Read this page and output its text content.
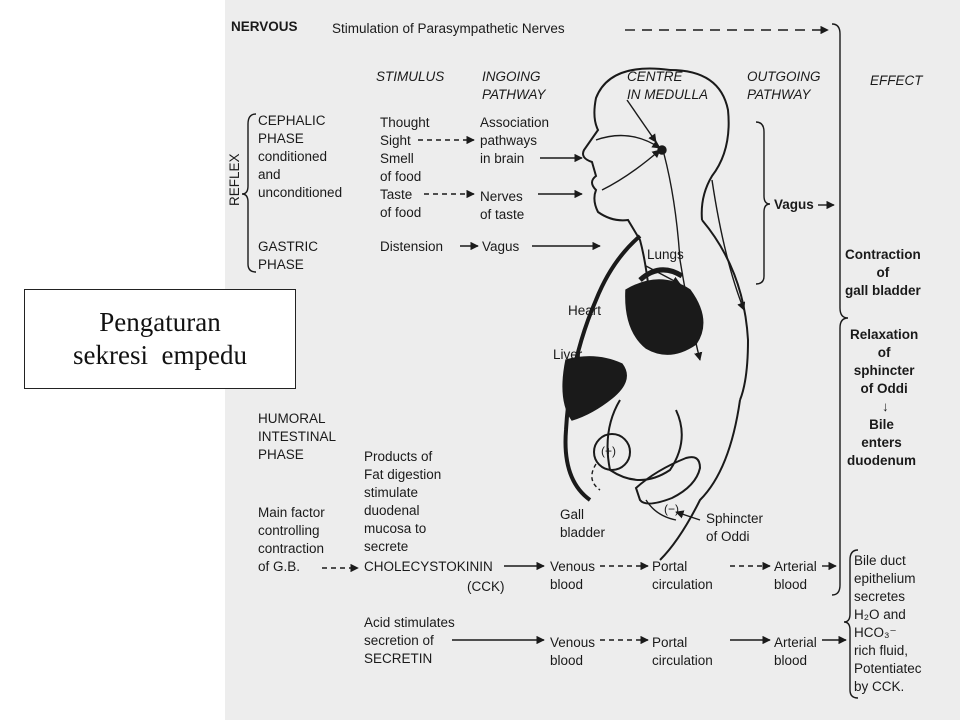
NERVOUS	Stimulation of Parasympathetic Nerves
REFLEX
STIMULUS	INGOING
PATHWAY
CENTRE
IN MEDULLA
OUTGOING
PATHWAY
EFFECT
CEPHALIC
PHASE
conditioned
and
unconditioned
Thought
Sight
Smell
of food
Taste
of food
Association
pathways
in brain
Nerves
of taste
GASTRIC
PHASE
Distension	Vagus
Vagus
Lungs
Heart
Liver
Gall
bladder
Sphincter
of Oddi
(+)
(−)
Contraction
of
gall bladder
Relaxation
of
sphincter
of Oddi
↓
Bile
enters
duodenum
Bile duct
epithelium
secretes
H₂O and
HCO₃⁻
rich fluid,
Potentiatec
by CCK.
HUMORAL
INTESTINAL
PHASE	Products of
Fat digestion
stimulate
duodenal
mucosa to
secrete
Main factor
controlling
contraction
of G.B.	CHOLECYSTOKININ
(CCK)
Venous
blood
Portal
circulation
Arterial
blood
Acid stimulates
secretion of
SECRETIN
Venous
blood
Portal
circulation
Arterial
blood
Pengaturan
sekresi  empedu
